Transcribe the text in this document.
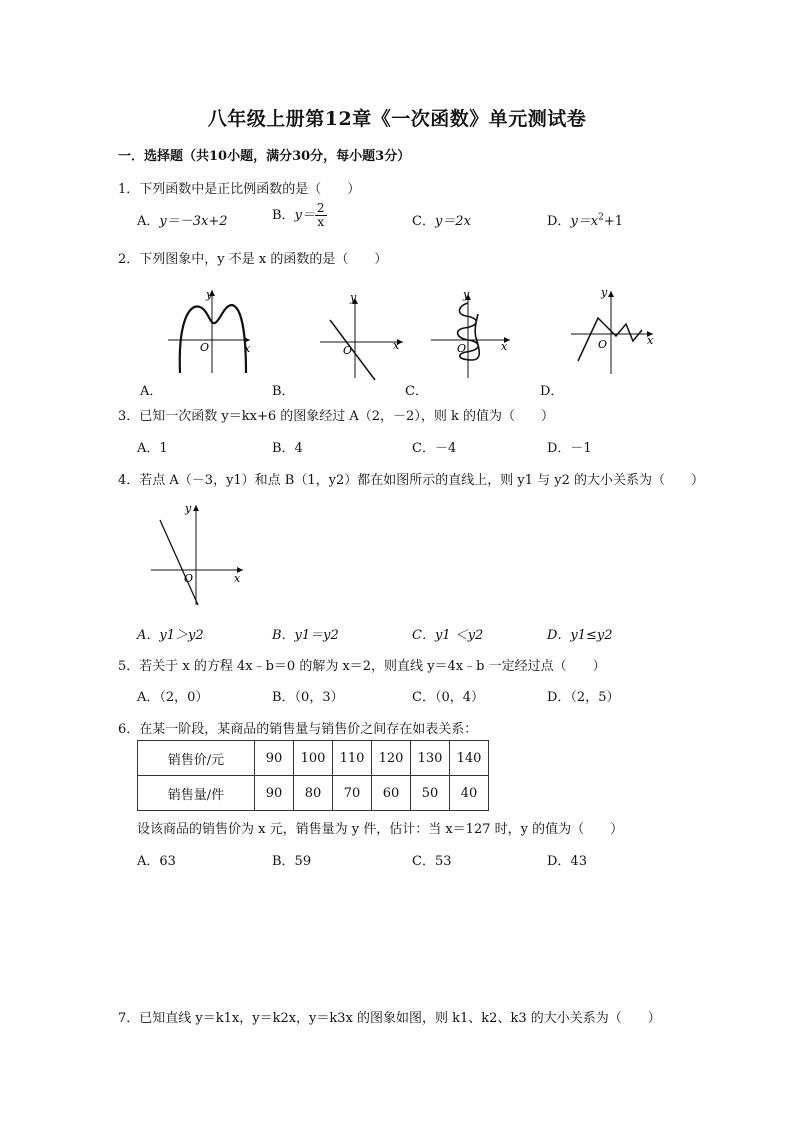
八年级上册第12章《一次函数》单元测试卷
一．选择题（共10小题，满分30分，每小题3分）
1．下列函数中是正比例函数的是（　　）
A．y＝－3x+2	B．$y= \frac{2}{x}$	C．y＝2x	D．$y=x^2+1$
2．下列图象中，y 不是 x 的函数的是（　　）
y
x
O
A．
y
x
O
B．
y
x
O
C．
y
x
O
D．
3．已知一次函数 y＝kx+6 的图象经过 A（2，－2），则 k 的值为（　　）
A．1	B．4	C．－4	D．－1
4．若点 A（－3，y1）和点 B（1，y2）都在如图所示的直线上，则 y1 与 y2 的大小关系为（　　）
y
x
O
A．y1＞y2	B．y1＝y2	C．y1 ＜y2	D．y1≤y2
5．若关于 x 的方程 4x﹣b＝0 的解为 x＝2，则直线 y＝4x﹣b 一定经过点（　　）
A．（2，0）	B．（0，3）	C．（0，4）	D．（2，5）
6．在某一阶段，某商品的销售量与销售价之间存在如表关系：
销售价/元	90	100	110	120	130	140
销售量/件	90	80	70	60	50	40
设该商品的销售价为 x 元，销售量为 y 件，估计：当 x＝127 时，y 的值为（　　）
A．63	B．59	C．53	D．43
7．已知直线 y＝k1x，y＝k2x，y＝k3x 的图象如图，则 k1、k2、k3 的大小关系为（　　）
